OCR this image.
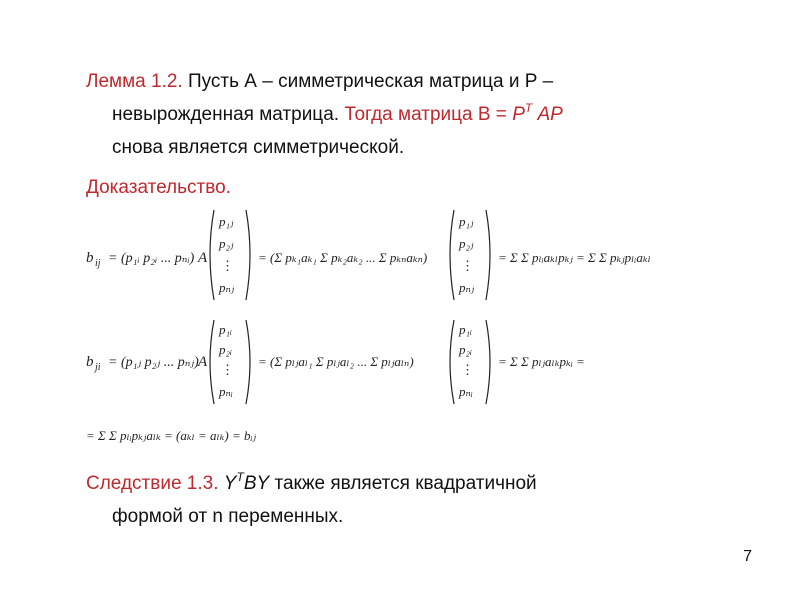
Лемма 1.2. Пусть А – симметрическая матрица и Р –
невырожденная матрица. Тогда матрица $В = P^T$ AP
снова является симметрической.
Доказательство.
b ij = (p₁ᵢ p₂ᵢ ... pₙᵢ) A
p₁ⱼ
p₂ⱼ
⋮
pₙⱼ
= (Σ pₖ₁aₖ₁ Σ pₖ₂aₖ₂ ... Σ pₖₙaₖₙ)
p₁ⱼ
p₂ⱼ
⋮
pₙⱼ
= Σ Σ pₗᵢaₖₗpₖⱼ = Σ Σ pₖⱼpₗᵢaₖₗ
b ji = (p₁ⱼ p₂ⱼ ... pₙⱼ) A
p₁ᵢ
p₂ᵢ
⋮
pₙᵢ
= (Σ pₗⱼaₗ₁ Σ pₗⱼaₗ₂ ... Σ pₗⱼaₗₙ)
p₁ᵢ
p₂ᵢ
⋮
pₙᵢ
= Σ Σ pₗⱼaₗₖpₖᵢ =
= Σ Σ pₗᵢpₖⱼaₗₖ = (aₖₗ = aₗₖ) = bᵢⱼ
Следствие 1.3. $Y^TBY$ также является квадратичной
формой от n переменных.
7
